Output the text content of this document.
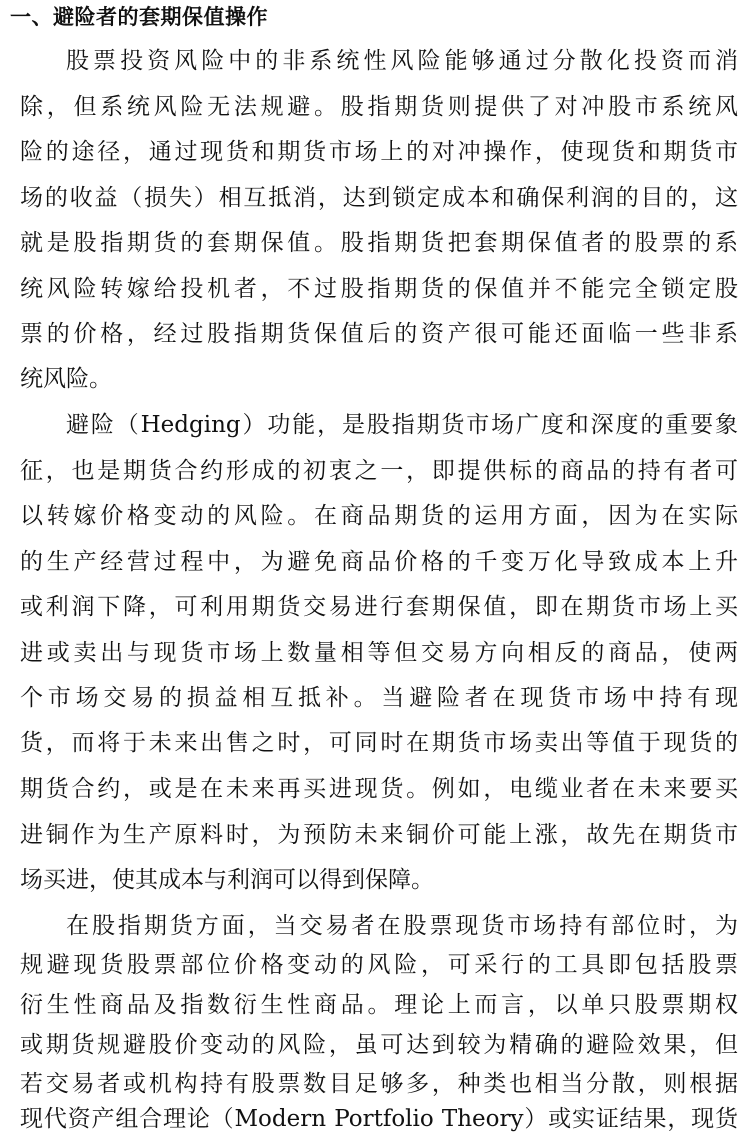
一、避险者的套期保值操作
股票投资风险中的非系统性风险能够通过分散化投资而消
除，但系统风险无法规避。股指期货则提供了对冲股市系统风
险的途径，通过现货和期货市场上的对冲操作，使现货和期货市
场的收益（损失）相互抵消，达到锁定成本和确保利润的目的，这
就是股指期货的套期保值。股指期货把套期保值者的股票的系
统风险转嫁给投机者，不过股指期货的保值并不能完全锁定股
票的价格，经过股指期货保值后的资产很可能还面临一些非系
统风险。
避险（Hedging）功能，是股指期货市场广度和深度的重要象
征，也是期货合约形成的初衷之一，即提供标的商品的持有者可
以转嫁价格变动的风险。在商品期货的运用方面，因为在实际
的生产经营过程中，为避免商品价格的千变万化导致成本上升
或利润下降，可利用期货交易进行套期保值，即在期货市场上买
进或卖出与现货市场上数量相等但交易方向相反的商品，使两
个市场交易的损益相互抵补。当避险者在现货市场中持有现
货，而将于未来出售之时，可同时在期货市场卖出等值于现货的
期货合约，或是在未来再买进现货。例如，电缆业者在未来要买
进铜作为生产原料时，为预防未来铜价可能上涨，故先在期货市
场买进，使其成本与利润可以得到保障。
在股指期货方面，当交易者在股票现货市场持有部位时，为
规避现货股票部位价格变动的风险，可采行的工具即包括股票
衍生性商品及指数衍生性商品。理论上而言，以单只股票期权
或期货规避股价变动的风险，虽可达到较为精确的避险效果，但
若交易者或机构持有股票数目足够多，种类也相当分散，则根据
现代资产组合理论（Modern Portfolio Theory）或实证结果，现货
